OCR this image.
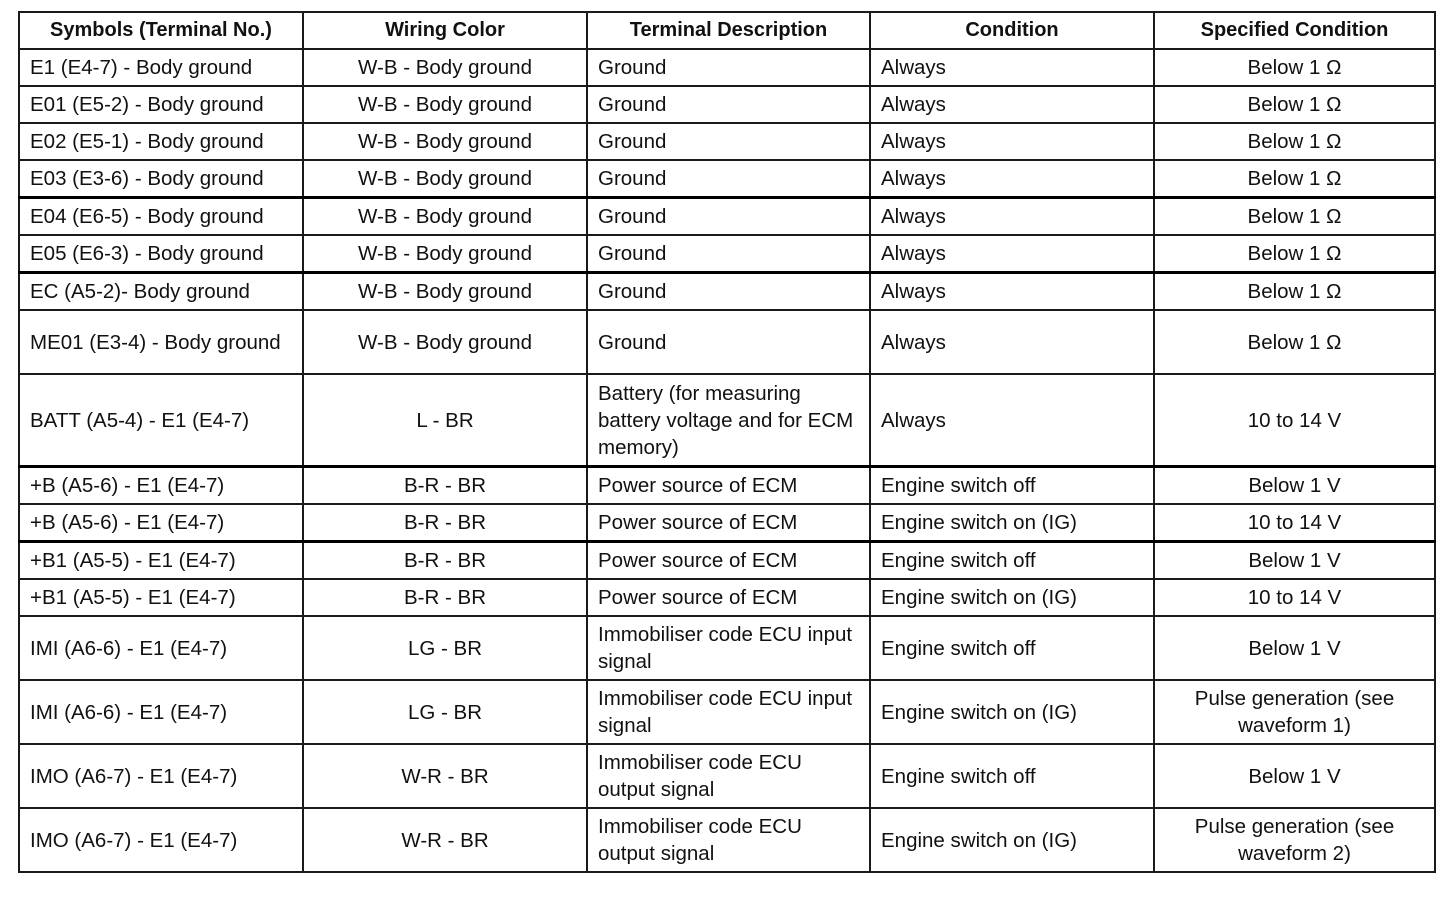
Symbols (Terminal No.)	Wiring Color	Terminal Description	Condition	Specified Condition
E1 (E4-7) - Body ground	W-B - Body ground	Ground	Always	Below 1 Ω
E01 (E5-2) - Body ground	W-B - Body ground	Ground	Always	Below 1 Ω
E02 (E5-1) - Body ground	W-B - Body ground	Ground	Always	Below 1 Ω
E03 (E3-6) - Body ground	W-B - Body ground	Ground	Always	Below 1 Ω
E04 (E6-5) - Body ground	W-B - Body ground	Ground	Always	Below 1 Ω
E05 (E6-3) - Body ground	W-B - Body ground	Ground	Always	Below 1 Ω
EC (A5-2)- Body ground	W-B - Body ground	Ground	Always	Below 1 Ω
ME01 (E3-4) - Body ground	W-B - Body ground	Ground	Always	Below 1 Ω
BATT (A5-4) - E1 (E4-7)	L - BR	Battery (for measuring battery voltage and for ECM memory)	Always	10 to 14 V
+B (A5-6) - E1 (E4-7)	B-R - BR	Power source of ECM	Engine switch off	Below 1 V
+B (A5-6) - E1 (E4-7)	B-R - BR	Power source of ECM	Engine switch on (IG)	10 to 14 V
+B1 (A5-5) - E1 (E4-7)	B-R - BR	Power source of ECM	Engine switch off	Below 1 V
+B1 (A5-5) - E1 (E4-7)	B-R - BR	Power source of ECM	Engine switch on (IG)	10 to 14 V
IMI (A6-6) - E1 (E4-7)	LG - BR	Immobiliser code ECU input signal	Engine switch off	Below 1 V
IMI (A6-6) - E1 (E4-7)	LG - BR	Immobiliser code ECU input signal	Engine switch on (IG)	Pulse generation (see waveform 1)
IMO (A6-7) - E1 (E4-7)	W-R - BR	Immobiliser code ECU output signal	Engine switch off	Below 1 V
IMO (A6-7) - E1 (E4-7)	W-R - BR	Immobiliser code ECU output signal	Engine switch on (IG)	Pulse generation (see waveform 2)
